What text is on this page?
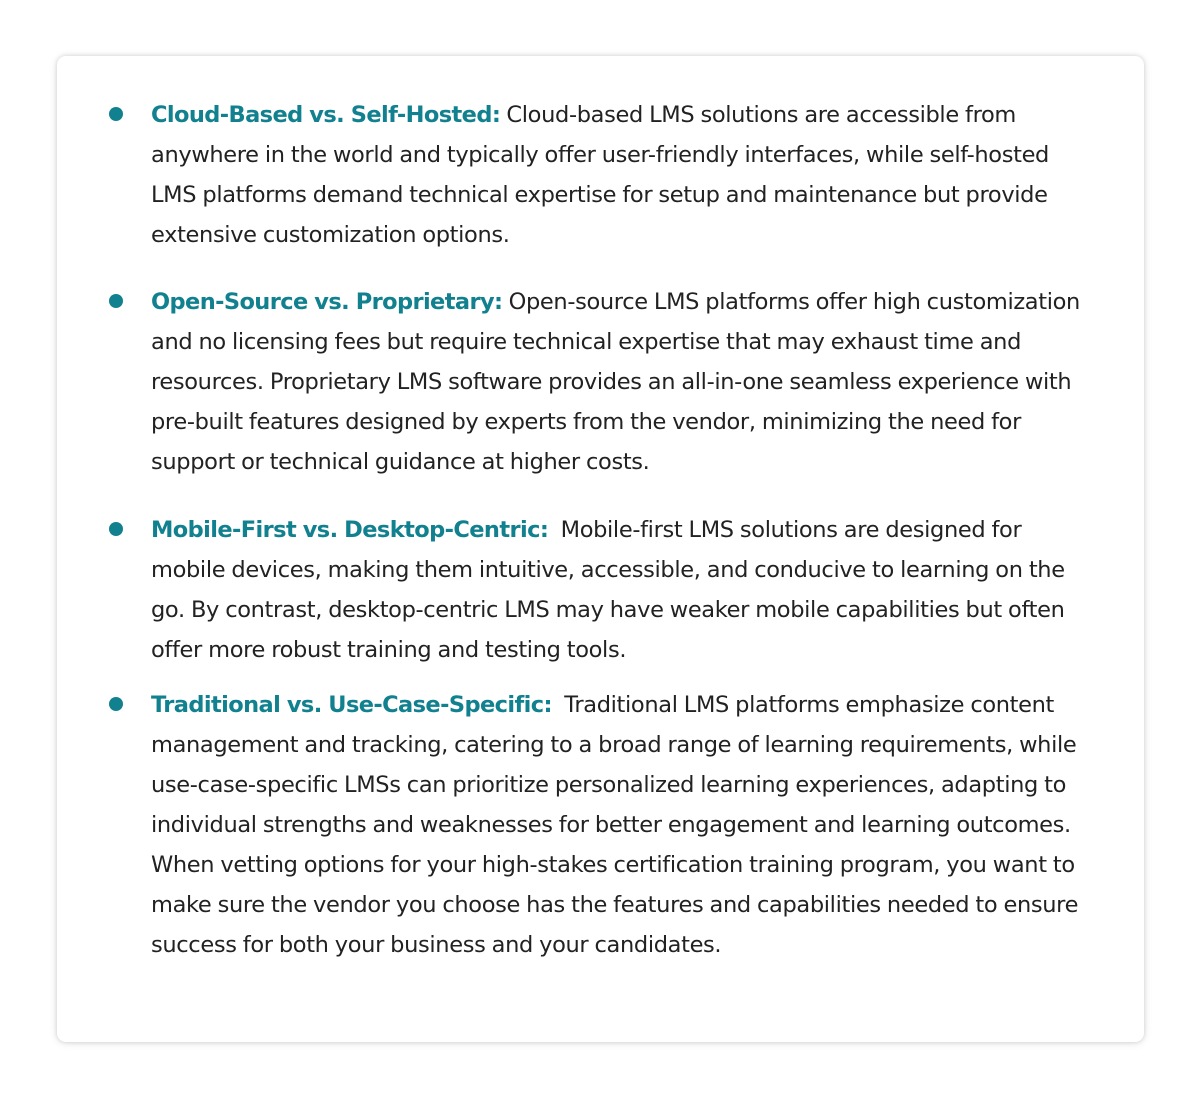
Cloud-Based vs. Self-Hosted: Cloud-based LMS solutions are accessible from anywhere in the world and typically offer user-friendly interfaces, while self-hosted LMS platforms demand technical expertise for setup and maintenance but provide extensive customization options.
Open-Source vs. Proprietary: Open-source LMS platforms offer high customization and no licensing fees but require technical expertise that may exhaust time and resources. Proprietary LMS software provides an all-in-one seamless experience with pre-built features designed by experts from the vendor, minimizing the need for support or technical guidance at higher costs.
Mobile-First vs. Desktop-Centric: Mobile-first LMS solutions are designed for mobile devices, making them intuitive, accessible, and conducive to learning on the go. By contrast, desktop-centric LMS may have weaker mobile capabilities but often offer more robust training and testing tools.
Traditional vs. Use-Case-Specific: Traditional LMS platforms emphasize content management and tracking, catering to a broad range of learning requirements, while use-case-specific LMSs can prioritize personalized learning experiences, adapting to individual strengths and weaknesses for better engagement and learning outcomes. When vetting options for your high-stakes certification training program, you want to make sure the vendor you choose has the features and capabilities needed to ensure success for both your business and your candidates.
